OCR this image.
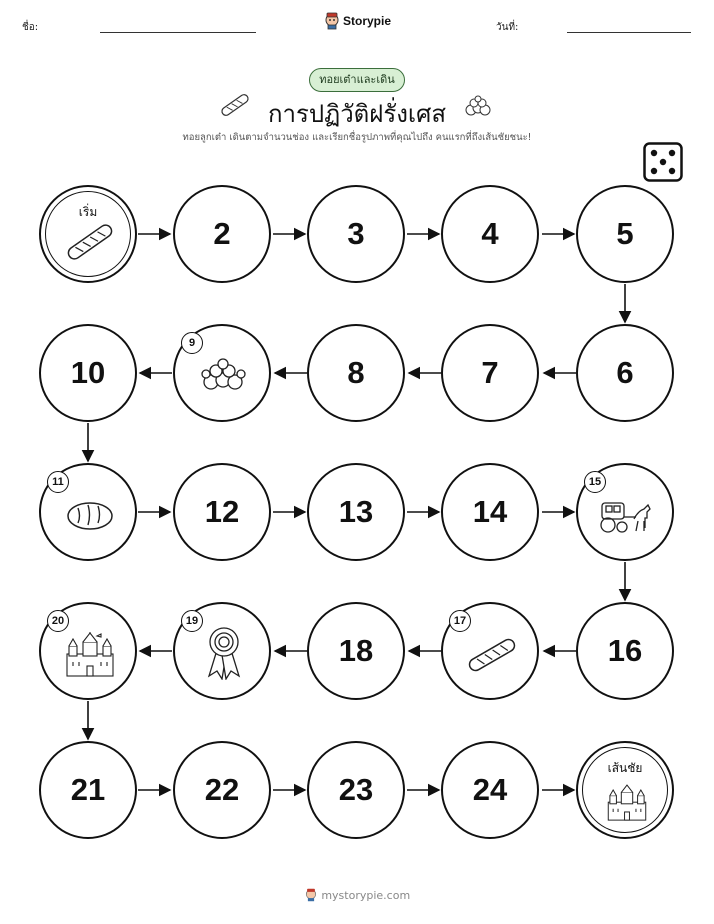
ชื่อ:	Storypie	วันที่:
ทอยเต๋าและเดิน
การปฏิวัติฝรั่งเศส
ทอยลูกเต๋า เดินตามจำนวนช่อง และเรียกชื่อรูปภาพที่คุณไปถึง คนแรกที่ถึงเส้นชัยชนะ!
เริ่ม
2	3	4	5
10
9
8	7	6
11
12	13	14
15
20	19
18
17
16
21	22	23	24
เส้นชัย
mystorypie.com
